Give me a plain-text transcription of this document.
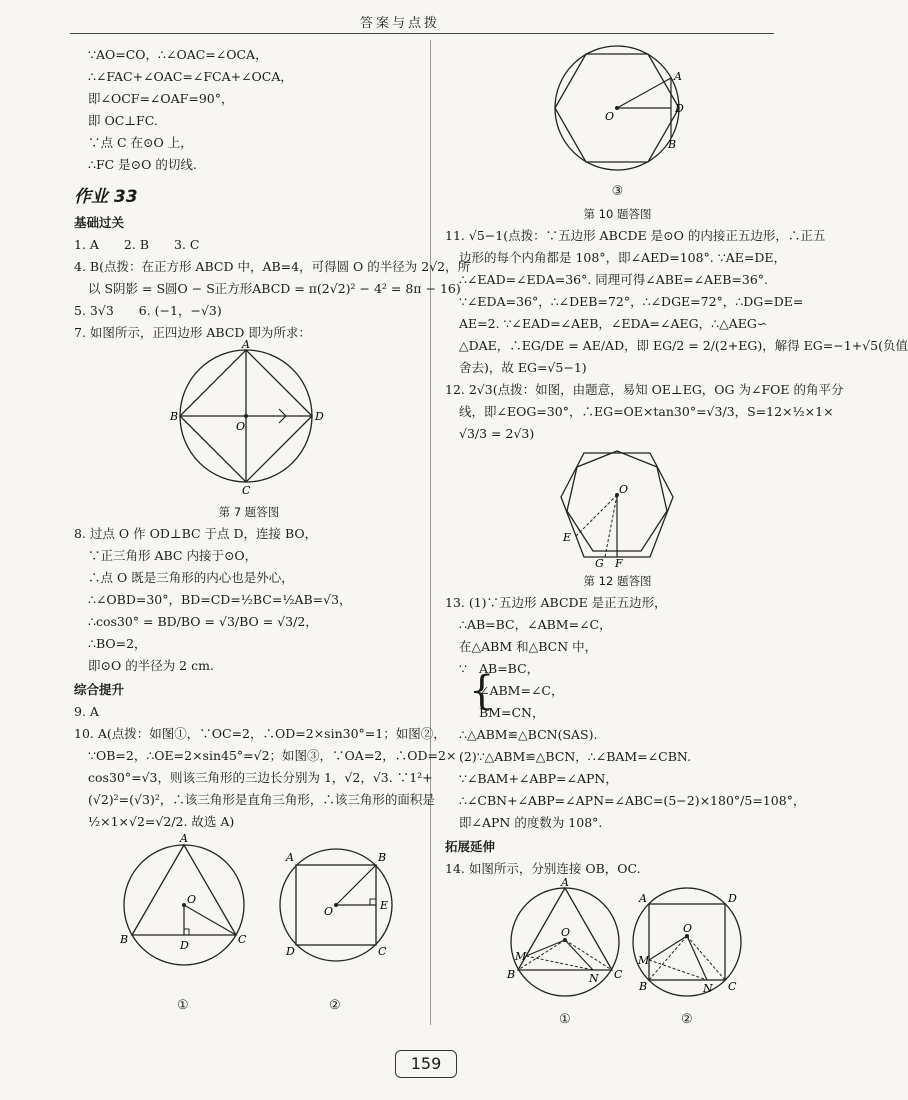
答案与点拨
∵AO=CO，∴∠OAC=∠OCA，
∴∠FAC+∠OAC=∠FCA+∠OCA，
即∠OCF=∠OAF=90°，
即 OC⊥FC.
∵点 C 在⊙O 上，
∴FC 是⊙O 的切线.
作业 33
基础过关
1. A　　2. B　　3. C
4. B(点拨：在正方形 ABCD 中，AB=4，可得圆 O 的半径为 2√2，所
以 S阴影 = S圆O − S正方形ABCD = π(2√2)² − 4² = 8π − 16)
5. 3√3　　6. (−1，−√3)
7. 如图所示，正四边形 ABCD 即为所求：
A
B	D
C
O
第 7 题答图
8. 过点 O 作 OD⊥BC 于点 D，连接 BO，
∵正三角形 ABC 内接于⊙O，
∴点 O 既是三角形的内心也是外心，
∴∠OBD=30°，BD=CD=½BC=½AB=√3，
∴cos30° = BD/BO = √3/BO = √3/2，
∴BO=2，
即⊙O 的半径为 2 cm.
综合提升
9. A
10. A(点拨：如图①，∵OC=2，∴OD=2×sin30°=1；如图②，
∵OB=2，∴OE=2×sin45°=√2；如图③，∵OA=2，∴OD=2×
cos30°=√3，则该三角形的三边长分别为 1，√2，√3. ∵1²+
(√2)²=(√3)²，∴该三角形是直角三角形，∴该三角形的面积是
½×1×√2=√2/2. 故选 A)
A
B	C
D
O
A	B
C
D
E
O
①	②
A
D
B
O
③
第 10 题答图
11. √5−1(点拨：∵五边形 ABCDE 是⊙O 的内接正五边形，∴正五
边形的每个内角都是 108°，即∠AED=108°. ∵AE=DE，
∴∠EAD=∠EDA=36°. 同理可得∠ABE=∠AEB=36°.
∵∠EDA=36°，∴∠DEB=72°，∴∠DGE=72°，∴DG=DE=
AE=2. ∵∠EAD=∠AEB，∠EDA=∠AEG，∴△AEG∽
△DAE，∴EG/DE = AE/AD，即 EG/2 = 2/(2+EG)，解得 EG=−1+√5(负值
舍去)，故 EG=√5−1)
12. 2√3(点拨：如图，由题意，易知 OE⊥EG，OG 为∠FOE 的角平分
线，即∠EOG=30°，∴EG=OE×tan30°=√3/3，S=12×½×1×
√3/3 = 2√3)
O
E
G F
第 12 题答图
13. (1)∵五边形 ABCDE 是正五边形，
∴AB=BC，∠ABM=∠C，
在△ABM 和△BCN 中，
∵ {
AB=BC，
∠ABM=∠C，
BM=CN，
∴△ABM≌△BCN(SAS).
(2)∵△ABM≌△BCN，∴∠BAM=∠CBN.
∵∠BAM+∠ABP=∠APN，
∴∠CBN+∠ABP=∠APN=∠ABC=(5−2)×180°/5=108°，
即∠APN 的度数为 108°.
拓展延伸
14. 如图所示，分别连接 OB，OC.
A
B	C
M
N
O
A	D
B	C
M
N
O
①	②
159
